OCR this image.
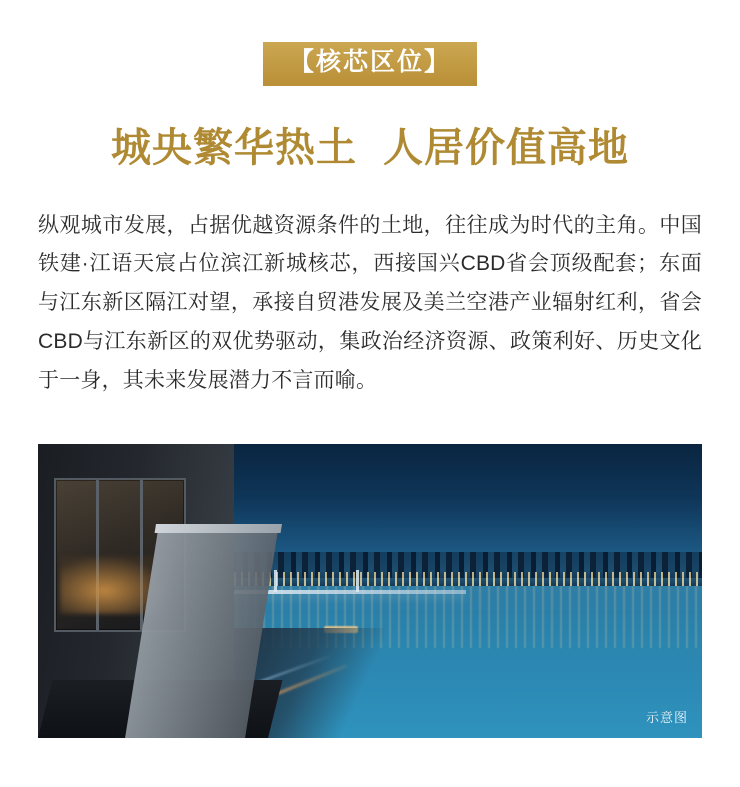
【核芯区位】
城央繁华热土 人居价值高地

纵观城市发展，占据优越资源条件的土地，往往成为时代的主角。中国铁建·江语天宸占位滨江新城核芯，西接国兴CBD省会顶级配套；东面与江东新区隔江对望，承接自贸港发展及美兰空港产业辐射红利，省会CBD与江东新区的双优势驱动，集政治经济资源、政策利好、历史文化于一身，其未来发展潜力不言而喻。

示意图
